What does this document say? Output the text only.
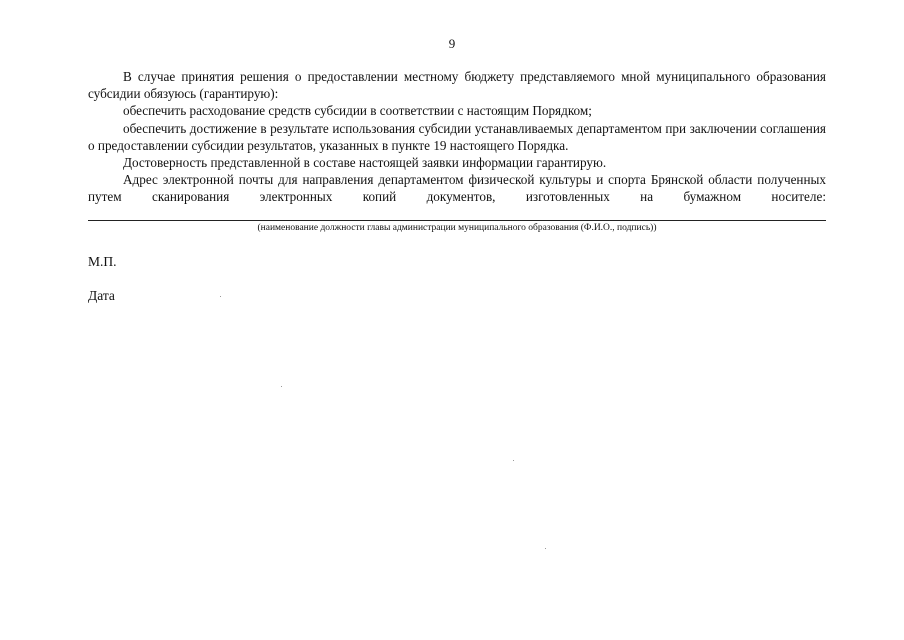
9

В случае принятия решения о предоставлении местному бюджету представляемого мной муниципального образования субсидии обязуюсь (гарантирую):

обеспечить расходование средств субсидии в соответствии с настоящим Порядком;

обеспечить достижение в результате использования субсидии устанавливаемых департаментом при заключении соглашения о предоставлении субсидии результатов, указанных в пункте 19 настоящего Порядка.

Достоверность представленной в составе настоящей заявки информации гарантирую.

Адрес электронной почты для направления департаментом физической культуры и спорта Брянской области полученных путем сканирования электронных копий документов, изготовленных на бумажном носителе:

(наименование должности главы администрации муниципального образования (Ф.И.О., подпись))
М.П.
Дата
